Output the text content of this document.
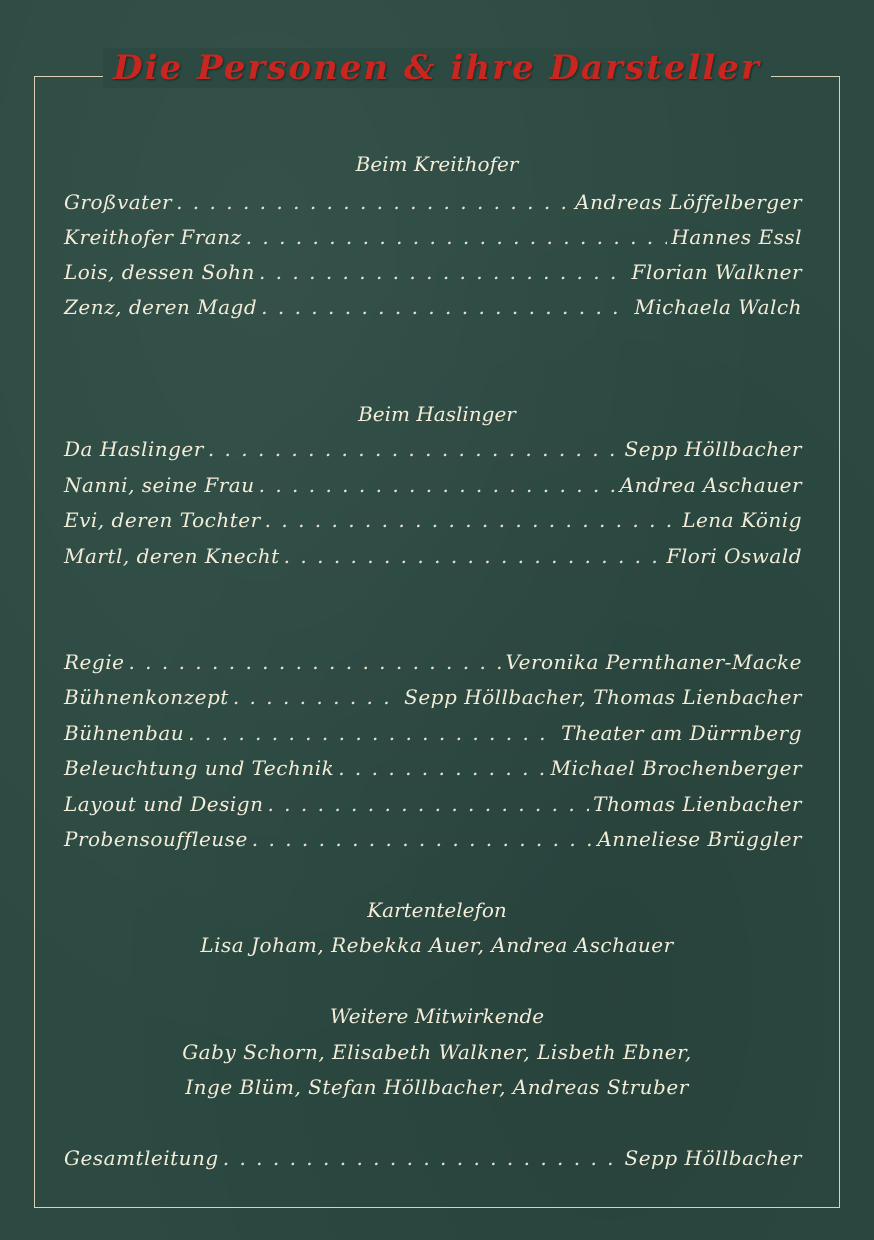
Die Personen & ihre Darsteller
Beim Kreithofer
Großvater . . .	Andreas Löffelberger
Kreithofer Franz . . .	Hannes Essl
Lois, dessen Sohn . . .	Florian Walkner
Zenz, deren Magd . . .	Michaela Walch
Beim Haslinger
Da Haslinger . . .	Sepp Höllbacher
Nanni, seine Frau . . .	Andrea Aschauer
Evi, deren Tochter . . .	Lena König
Martl, deren Knecht . . .	Flori Oswald
Regie . . .	Veronika Pernthaner-Macke
Bühnenkonzept . . .	Sepp Höllbacher, Thomas Lienbacher
Bühnenbau . . .	Theater am Dürrnberg
Beleuchtung und Technik . . .	Michael Brochenberger
Layout und Design . . .	Thomas Lienbacher
Probensouffleuse . . .	Anneliese Brüggler
Kartentelefon
Lisa Joham, Rebekka Auer, Andrea Aschauer
Weitere Mitwirkende
Gaby Schorn, Elisabeth Walkner, Lisbeth Ebner,
Inge Blüm, Stefan Höllbacher, Andreas Struber
Gesamtleitung . . .	Sepp Höllbacher
